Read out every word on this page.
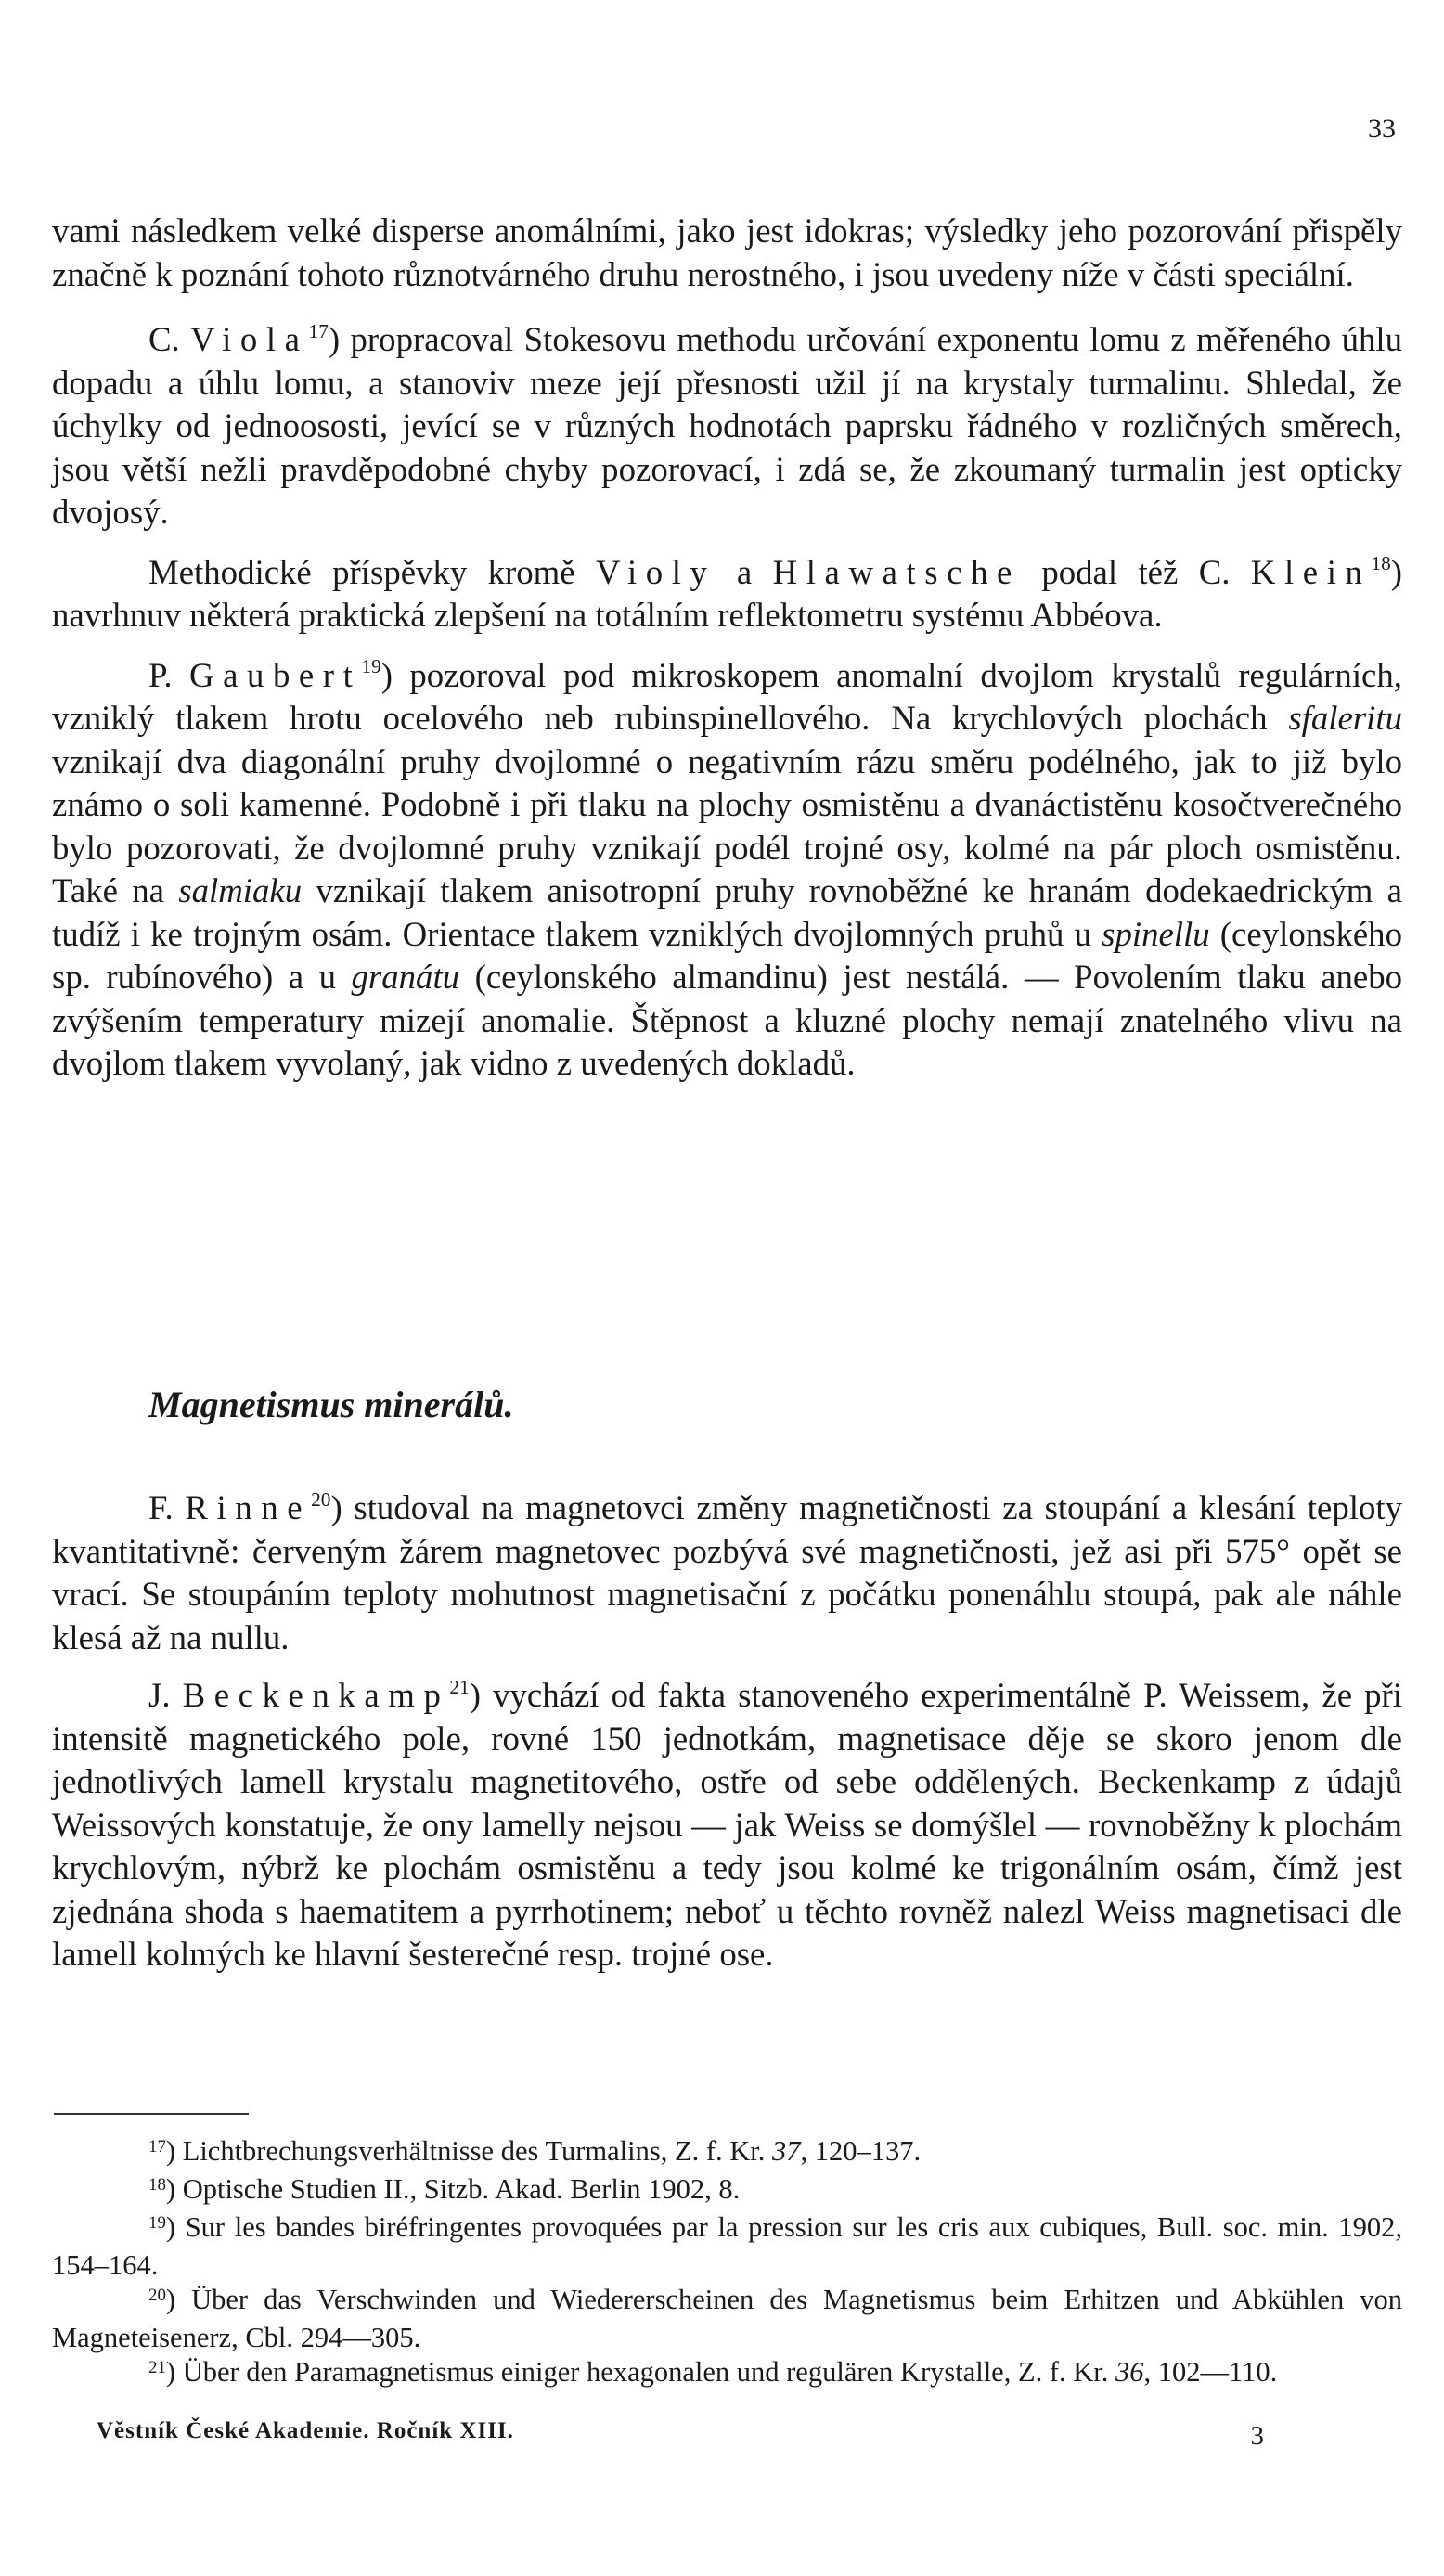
33

vami následkem velké disperse anomálními, jako jest idokras; výsledky jeho pozorování přispěly značně k poznání tohoto různotvárného druhu nerostného, i jsou uvedeny níže v části speciální.

C. Viola$^{17}$) propracoval Stokesovu methodu určování exponentu lomu z měřeného úhlu dopadu a úhlu lomu, a stanoviv meze její přesnosti užil jí na krystaly turmalinu. Shledal, že úchylky od jednoososti, jevící se v různých hodnotách paprsku řádného v rozličných směrech, jsou větší nežli pravděpodobné chyby pozorovací, i zdá se, že zkoumaný turmalin jest opticky dvojosý.

Methodické příspěvky kromě Violy a Hlawatsche podal též C. Klein$^{18}$) navrhnuv některá praktická zlepšení na totálním reflektometru systému Abbéova.

P. Gaubert$^{19}$) pozoroval pod mikroskopem anomalní dvojlom krystalů regulárních, vzniklý tlakem hrotu ocelového neb rubinspinellového. Na krychlových plochách sfaleritu vznikají dva diagonální pruhy dvojlomné o negativním rázu směru podélného, jak to již bylo známo o soli kamenné. Podobně i při tlaku na plochy osmistěnu a dvanáctistěnu kosočtverečného bylo pozorovati, že dvojlomné pruhy vznikají podél trojné osy, kolmé na pár ploch osmistěnu. Také na salmiaku vznikají tlakem anisotropní pruhy rovnoběžné ke hranám dodekaedrickým a tudíž i ke trojným osám. Orientace tlakem vzniklých dvojlomných pruhů u spinellu (ceylonského sp. rubínového) a u granátu (ceylonského almandinu) jest nestálá. — Povolením tlaku anebo zvýšením temperatury mizejí anomalie. Štěpnost a kluzné plochy nemají znatelného vlivu na dvojlom tlakem vyvolaný, jak vidno z uvedených dokladů.

Magnetismus minerálů.

F. Rinne$^{20}$) studoval na magnetovci změny magnetičnosti za stoupání a klesání teploty kvantitativně: červeným žárem magnetovec pozbývá své magnetičnosti, jež asi při 575° opět se vrací. Se stoupáním teploty mohutnost magnetisační z počátku ponenáhlu stoupá, pak ale náhle klesá až na nullu.

J. Beckenkamp$^{21}$) vychází od fakta stanoveného experimentálně P. Weissem, že při intensitě magnetického pole, rovné 150 jednotkám, magnetisace děje se skoro jenom dle jednotlivých lamell krystalu magnetitového, ostře od sebe oddělených. Beckenkamp z údajů Weissových konstatuje, že ony lamelly nejsou — jak Weiss se domýšlel — rovnoběžny k plochám krychlovým, nýbrž ke plochám osmistěnu a tedy jsou kolmé ke trigonálním osám, čímž jest zjednána shoda s haematitem a pyrrhotinem; neboť u těchto rovněž nalezl Weiss magnetisaci dle lamell kolmých ke hlavní šesterečné resp. trojné ose.

$^{17}$) Lichtbrechungsverhältnisse des Turmalins, Z. f. Kr. 37, 120–137.

$^{18}$) Optische Studien II., Sitzb. Akad. Berlin 1902, 8.

$^{19}$) Sur les bandes biréfringentes provoquées par la pression sur les cris aux cubiques, Bull. soc. min. 1902, 154–164.

$^{20}$) Über das Verschwinden und Wiedererscheinen des Magnetismus beim Erhitzen und Abkühlen von Magneteisenerz, Cbl. 294—305.

$^{21}$) Über den Paramagnetismus einiger hexagonalen und regulären Krystalle, Z. f. Kr. 36, 102—110.

Věstník České Akademie. Ročník XIII.	3
